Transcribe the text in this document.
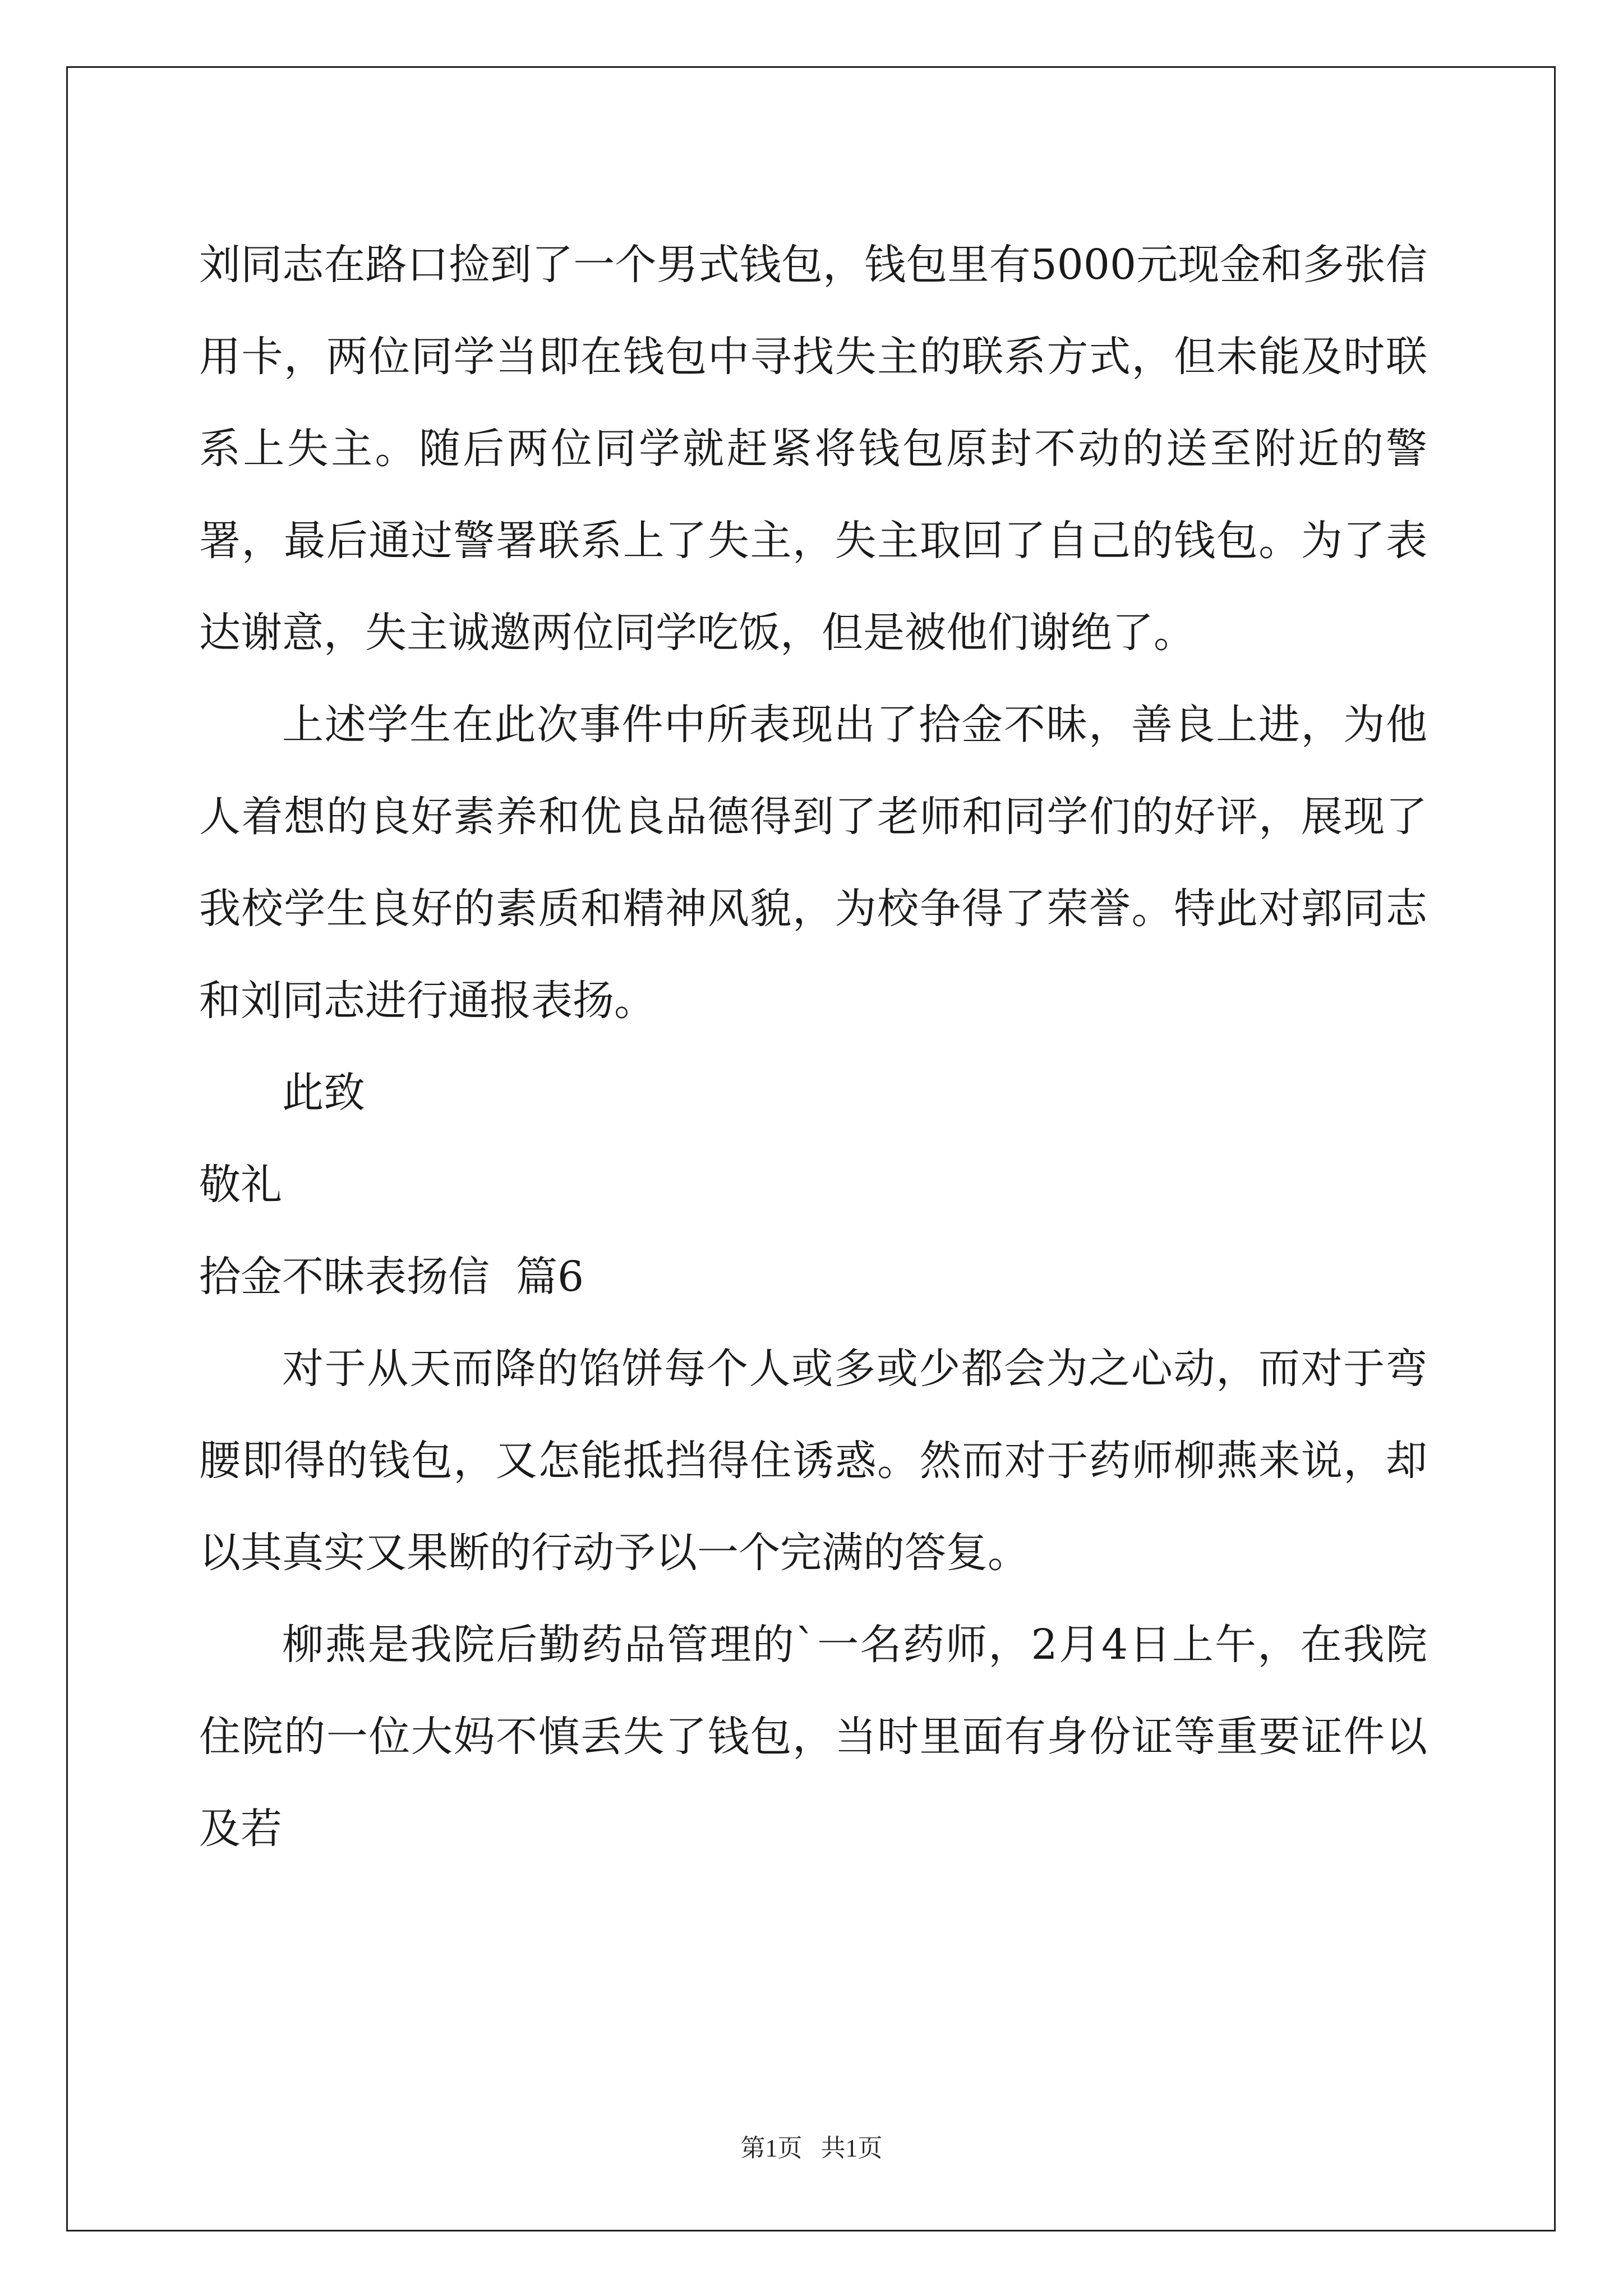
刘同志在路口捡到了一个男式钱包，钱包里有5000元现金和多张信用卡，两位同学当即在钱包中寻找失主的联系方式，但未能及时联系上失主。随后两位同学就赶紧将钱包原封不动的送至附近的警署，最后通过警署联系上了失主，失主取回了自己的钱包。为了表达谢意，失主诚邀两位同学吃饭，但是被他们谢绝了。

上述学生在此次事件中所表现出了拾金不昧，善良上进，为他人着想的良好素养和优良品德得到了老师和同学们的好评，展现了我校学生良好的素质和精神风貌，为校争得了荣誉。特此对郭同志和刘同志进行通报表扬。

此致

敬礼

拾金不昧表扬信  篇6

对于从天而降的馅饼每个人或多或少都会为之心动，而对于弯腰即得的钱包，又怎能抵挡得住诱惑。然而对于药师柳燕来说，却以其真实又果断的行动予以一个完满的答复。

柳燕是我院后勤药品管理的`一名药师，2月4日上午，在我院住院的一位大妈不慎丢失了钱包，当时里面有身份证等重要证件以及若

第1页   共1页
